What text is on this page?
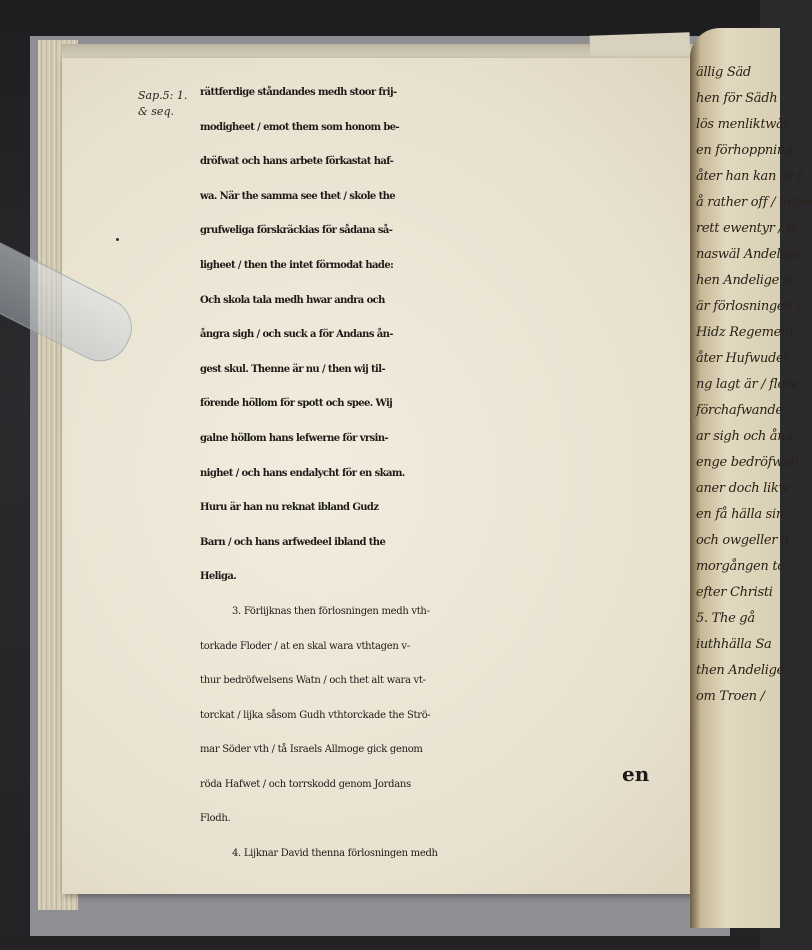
ällig Säd
hen för Sädh
lös menliktwäl
en förhoppning
åter han kan är f
å rather off / helse
rett ewentyr / w
naswäl Andelige
hen Andelige S
är förlosningen /
Hidz Regement
åter Hufwudet
ng lagt är / flore
förchafwande
ar sigh och ång
enge bedröfweli
aner doch likw
en få hälla sin
och owgeller h
morgången to
efter Christi
5. The gå
iuthhälla Sa
then Andelige
om Troen /
Sap.5: 1.
& seq.
rättferdige ståndandes medh stoor frij-
modigheet / emot them som honom be-
dröfwat och hans arbete förkastat haf-
wa. När the samma see thet / skole the
grufweliga förskräckias för sådana så-
ligheet / then the intet förmodat hade:
Och skola tala medh hwar andra och
ångra sigh / och suck a för Andans ån-
gest skul. Thenne är nu / then wij til-
förende höllom för spott och spee. Wij
galne höllom hans lefwerne för vrsin-
nighet / och hans endalycht för en skam.
Huru är han nu reknat ibland Gudz
Barn / och hans arfwedeel ibland the
Heliga.
3. Förlijknas then förlosningen medh vth-
torkade Floder / at en skal wara vthtagen v-
thur bedröfwelsens Watn / och thet alt wara vt-
torckat / lijka såsom Gudh vthtorckade the Strö-
mar Söder vth / tå Israels Allmoge gick genom
röda Hafwet / och torrskodd genom Jordans
Flodh.
4. Lijknar David thenna förlosningen medh
en
